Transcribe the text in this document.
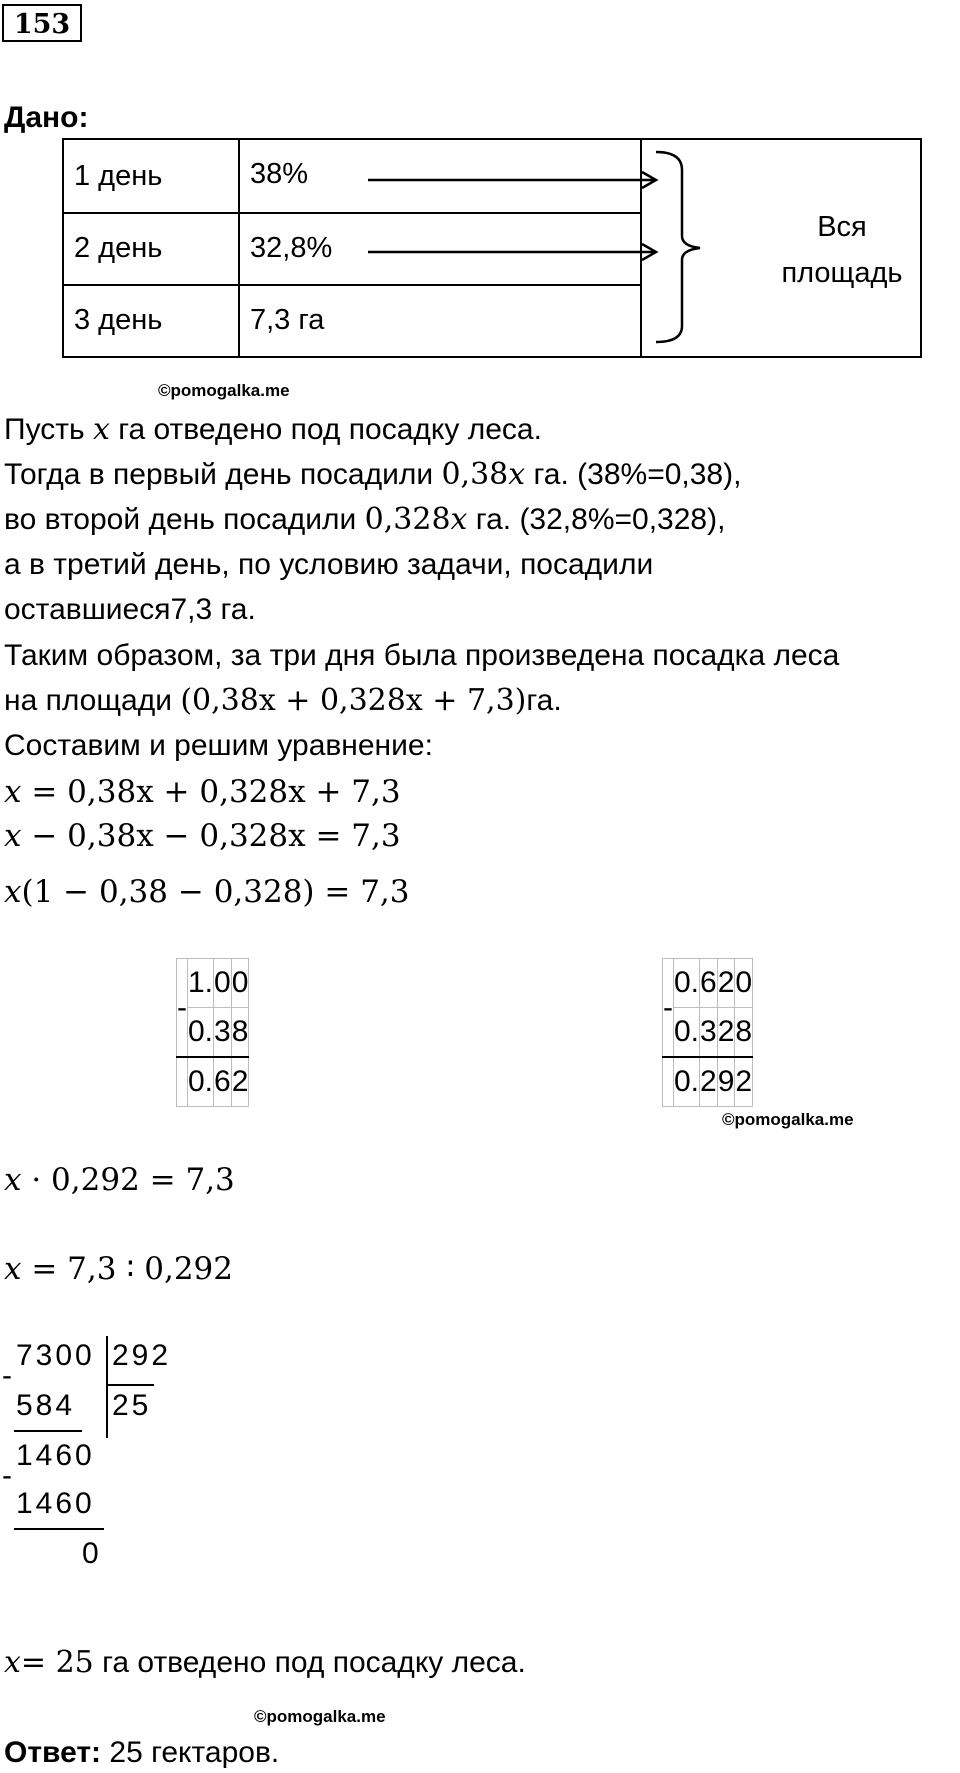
153
Дано:
1 день	38%
2 день	32,8%
3 день	7,3 га
Вся
площадь
©pomogalka.me
Пусть x га отведено под посадку леса.
Тогда в первый день посадили 0,38x га. (38%=0,38),
во второй день посадили 0,328x га. (32,8%=0,328),
а в третий день, по условию задачи, посадили
оставшиеся7,3 га.
Таким образом, за три дня была произведена посадка леса
на площади (0,38x + 0,328x + 7,3)га.
Составим и решим уравнение:
x = 0,38x + 0,328x + 7,3
x − 0,38x − 0,328x = 7,3
x(1 − 0,38 − 0,328) = 7,3
-	1.	0	0
	0.	3	8
	0.	6	2
-	0.	6	2	0
	0.	3	2	8
	0.	2	9	2
©pomogalka.me
x · 0,292 = 7,3
x = 7,3 ∶ 0,292
7300 292
25
-
584
1460
-
1460
0
x= 25 га отведено под посадку леса.
©pomogalka.me
Ответ: 25 гектаров.
